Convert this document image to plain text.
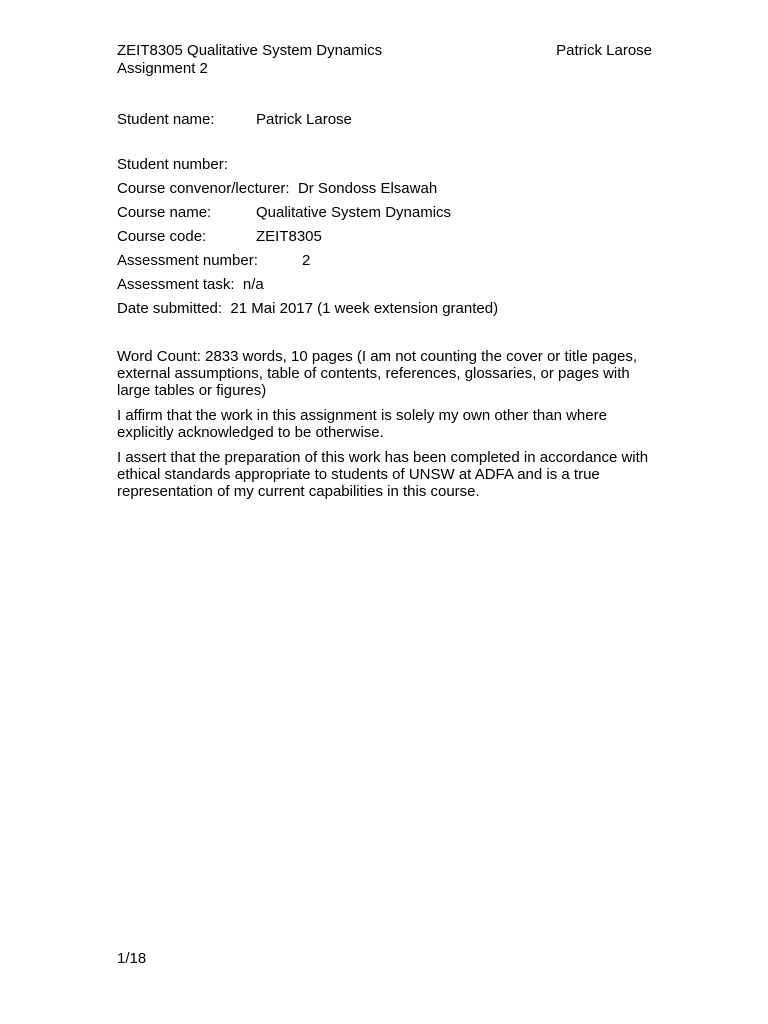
ZEIT8305 Qualitative System Dynamics
Assignment 2
Patrick Larose
Student name:	Patrick Larose
Student number:
Course convenor/lecturer: Dr Sondoss Elsawah
Course name:	Qualitative System Dynamics
Course code:	ZEIT8305
Assessment number:	2
Assessment task: n/a
Date submitted: 21 Mai 2017 (1 week extension granted)
Word Count: 2833 words, 10 pages (I am not counting the cover or title pages, external assumptions, table of contents, references, glossaries, or pages with large tables or figures)
I affirm that the work in this assignment is solely my own other than where explicitly acknowledged to be otherwise.
I assert that the preparation of this work has been completed in accordance with ethical standards appropriate to students of UNSW at ADFA and is a true representation of my current capabilities in this course.
1/18
